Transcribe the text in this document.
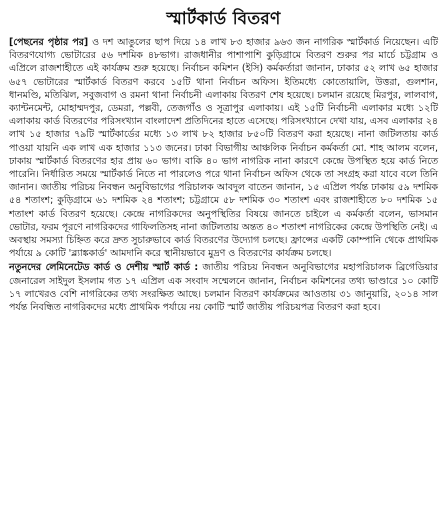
স্মার্টকার্ড বিতরণ

[পেছনের পৃষ্ঠার পর] ও দশ আঙুলের ছাপ দিয়ে ১৪ লাখ ৮৩ হাজার ৯৬৩ জন নাগরিক স্মার্টকার্ড নিয়েছেন। এটি বিতরণযোগ্য ভোটারের ৫৬ দশমিক ৪৮ভাগ। রাজধানীর পাশাপাশি কুড়িগ্রামে বিতরণ শুরুর পর মার্চে চট্টগ্রাম ও এপ্রিলে রাজশাহীতে এই কার্যক্রম শুরু হয়েছে। নির্বাচন কমিশন (ইসি) কর্মকর্তারা জানান, ঢাকার ৫২ লাখ ৬৫ হাজার ৬৫৭ ভোটারের স্মার্টকার্ড বিতরণ করবে ১৫টি থানা নির্বাচন অফিস। ইতিমধ্যে কোতোয়ালি, উত্তরা, গুলশান, ধানমণ্ডি, মতিঝিল, সবুজবাগ ও রমনা থানা নির্বাচনী এলাকায় বিতরণ শেষ হয়েছে। চলমান রয়েছে মিরপুর, লালবাগ, ক্যান্টনমেন্ট, মোহাম্মদপুর, ডেমরা, পল্লবী, তেজগাঁও ও সূত্রাপুর এলাকায়। এই ১৫টি নির্বাচনী এলাকার মধ্যে ১২টি এলাকায় কার্ড বিতরণের পরিসংখ্যান বাংলাদেশ প্রতিদিনের হাতে এসেছে। পরিসংখ্যানে দেখা যায়, এসব এলাকার ২৪ লাখ ১৫ হাজার ৭৯টি স্মার্টকার্ডের মধ্যে ১৩ লাখ ৮২ হাজার ৮৫০টি বিতরণ করা হয়েছে। নানা জটিলতায় কার্ড পাওয়া যায়নি এক লাখ এক হাজার ১১৩ জনের। ঢাকা বিভাগীয় আঞ্চলিক নির্বাচন কর্মকর্তা মো. শাহ আলম বলেন, ঢাকায় স্মার্টকার্ড বিতরণের হার প্রায় ৬০ ভাগ। বাকি ৪০ ভাগ নাগরিক নানা কারণে কেন্দ্রে উপস্থিত হয়ে কার্ড নিতে পারেনি। নির্ধারিত সময়ে স্মার্টকার্ড নিতে না পারলেও পরে থানা নির্বাচন অফিস থেকে তা সংগ্রহ করা যাবে বলে তিনি জানান। জাতীয় পরিচয় নিবন্ধন অনুবিভাগের পরিচালক আবদুল বাতেন জানান, ১৫ এপ্রিল পর্যন্ত ঢাকায় ৫৯ দশমিক ৫৪ শতাংশ; কুড়িগ্রামে ৬১ দশমিক ২৪ শতাংশ; চট্টগ্রামে ৫৮ দশমিক ৩০ শতাংশ এবং রাজশাহীতে ৮০ দশমিক ১৫ শতাংশ কার্ড বিতরণ হয়েছে। কেন্দ্রে নাগরিকদের অনুপস্থিতির বিষয়ে জানতে চাইলে এ কর্মকর্তা বলেন, ভাসমান ভোটার, ফরম পূরণে নাগরিকদের গাফিলতিসহ নানা জটিলতায় অন্তত ৪০ শতাংশ নাগরিকের কেন্দ্রে উপস্থিতি নেই। এ অবস্থায় সমস্যা চিহ্নিত করে দ্রুত সুচারুভাবে কার্ড বিতরণের উদ্যোগ চলছে। ফ্রান্সের একটি কোম্পানি থেকে প্রাথমিক পর্যায়ে ৯ কোটি 'ব্ল্যাঙ্ককার্ড' আমদানি করে স্থানীয়ভাবে মুদ্রণ ও বিতরণের কার্যক্রম চলছে।

নতুনদের লেমিনেটেড কার্ড ও দেশীয় স্মার্ট কার্ড : জাতীয় পরিচয় নিবন্ধন অনুবিভাগের মহাপরিচালক ব্রিগেডিয়ার জেনারেল সাইদুল ইসলাম গত ১৭ এপ্রিল এক সংবাদ সম্মেলনে জানান, নির্বাচন কমিশনের তথ্য ভাণ্ডারে ১০ কোটি ১৭ লাখেরও বেশি নাগরিকের তথ্য সংরক্ষিত আছে। চলমান বিতরণ কার্যক্রমের আওতায় ৩১ জানুয়ারি, ২০১৪ সাল পর্যন্ত নিবন্ধিত নাগরিকদের মধ্যে প্রাথমিক পর্যায়ে নয় কোটি স্মার্ট জাতীয় পরিচয়পত্র বিতরণ করা হবে।
